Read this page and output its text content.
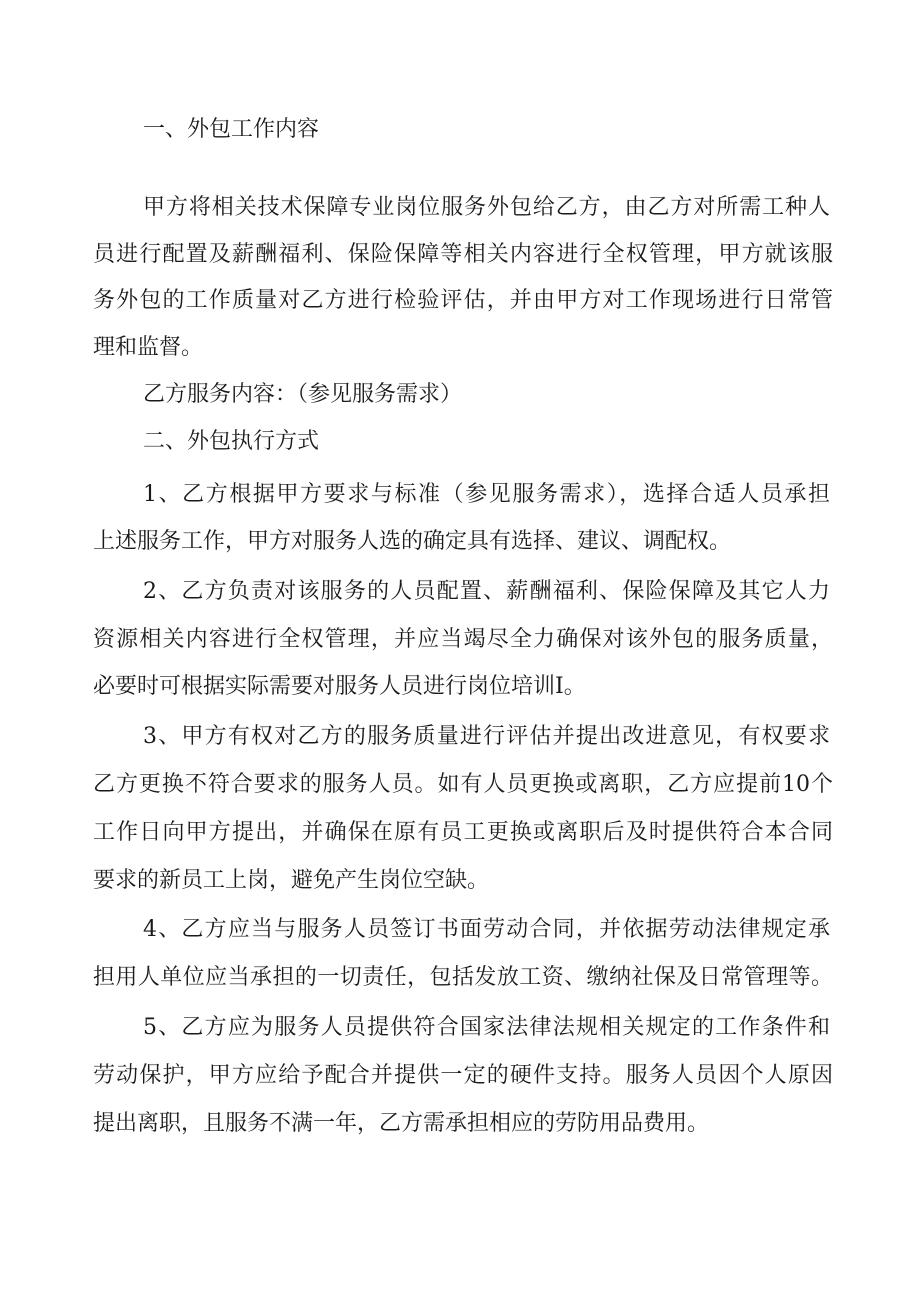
一、外包工作内容

甲方将相关技术保障专业岗位服务外包给乙方，由乙方对所需工种人

员进行配置及薪酬福利、保险保障等相关内容进行全权管理，甲方就该服

务外包的工作质量对乙方进行检验评估，并由甲方对工作现场进行日常管

理和监督。

乙方服务内容：（参见服务需求）

二、外包执行方式

1、乙方根据甲方要求与标准（参见服务需求），选择合适人员承担

上述服务工作，甲方对服务人选的确定具有选择、建议、调配权。

2、乙方负责对该服务的人员配置、薪酬福利、保险保障及其它人力

资源相关内容进行全权管理，并应当竭尽全力确保对该外包的服务质量，

必要时可根据实际需要对服务人员进行岗位培训I。

3、甲方有权对乙方的服务质量进行评估并提出改进意见，有权要求

乙方更换不符合要求的服务人员。如有人员更换或离职，乙方应提前10个

工作日向甲方提出，并确保在原有员工更换或离职后及时提供符合本合同

要求的新员工上岗，避免产生岗位空缺。

4、乙方应当与服务人员签订书面劳动合同，并依据劳动法律规定承

担用人单位应当承担的一切责任，包括发放工资、缴纳社保及日常管理等。

5、乙方应为服务人员提供符合国家法律法规相关规定的工作条件和

劳动保护，甲方应给予配合并提供一定的硬件支持。服务人员因个人原因

提出离职，且服务不满一年，乙方需承担相应的劳防用品费用。
